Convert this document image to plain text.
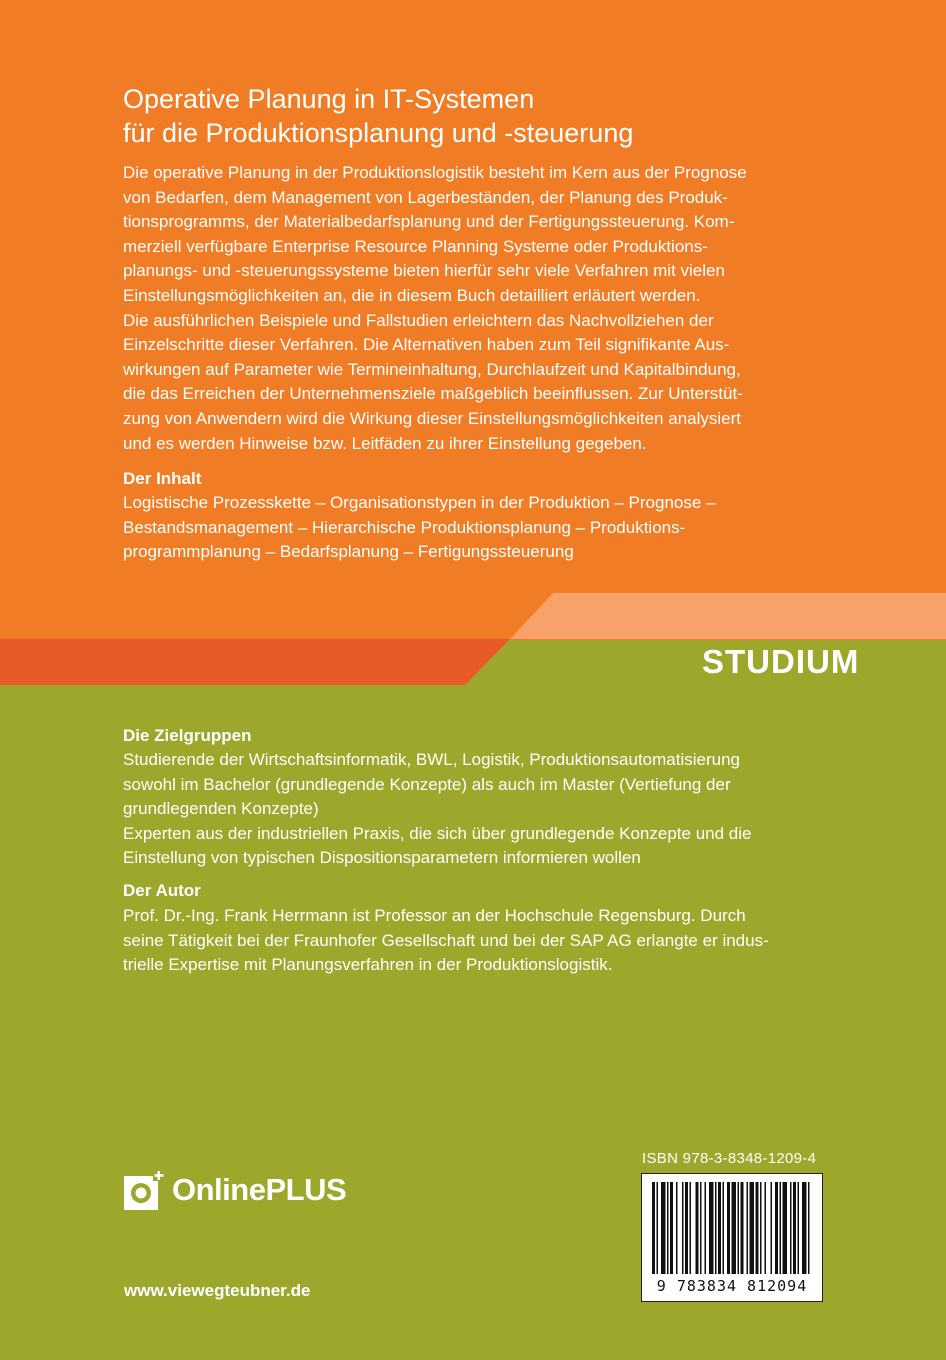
Operative Planung in IT-Systemen
für die Produktionsplanung und -steuerung

Die operative Planung in der Produktionslogistik besteht im Kern aus der Prognose
von Bedarfen, dem Management von Lagerbeständen, der Planung des Produk-
tionsprogramms, der Materialbedarfsplanung und der Fertigungssteuerung. Kom-
merziell verfügbare Enterprise Resource Planning Systeme oder Produktions-
planungs- und -steuerungssysteme bieten hierfür sehr viele Verfahren mit vielen
Einstellungsmöglichkeiten an, die in diesem Buch detailliert erläutert werden.
Die ausführlichen Beispiele und Fallstudien erleichtern das Nachvollziehen der
Einzelschritte dieser Verfahren. Die Alternativen haben zum Teil signifikante Aus-
wirkungen auf Parameter wie Termineinhaltung, Durchlaufzeit und Kapitalbindung,
die das Erreichen der Unternehmensziele maßgeblich beeinflussen. Zur Unterstüt-
zung von Anwendern wird die Wirkung dieser Einstellungsmöglichkeiten analysiert
und es werden Hinweise bzw. Leitfäden zu ihrer Einstellung gegeben.

Der Inhalt

Logistische Prozesskette – Organisationstypen in der Produktion – Prognose –
Bestandsmanagement – Hierarchische Produktionsplanung – Produktions-
programmplanung – Bedarfsplanung – Fertigungssteuerung

STUDIUM
Die Zielgruppen

Studierende der Wirtschaftsinformatik, BWL, Logistik, Produktionsautomatisierung
sowohl im Bachelor (grundlegende Konzepte) als auch im Master (Vertiefung der
grundlegenden Konzepte)
Experten aus der industriellen Praxis, die sich über grundlegende Konzepte und die
Einstellung von typischen Dispositionsparametern informieren wollen

Der Autor

Prof. Dr.-Ing. Frank Herrmann ist Professor an der Hochschule Regensburg. Durch
seine Tätigkeit bei der Fraunhofer Gesellschaft und bei der SAP AG erlangte er indus-
trielle Expertise mit Planungsverfahren in der Produktionslogistik.

OnlinePLUS
www.viewegteubner.de
ISBN 978-3-8348-1209-4
9 783834 812094
